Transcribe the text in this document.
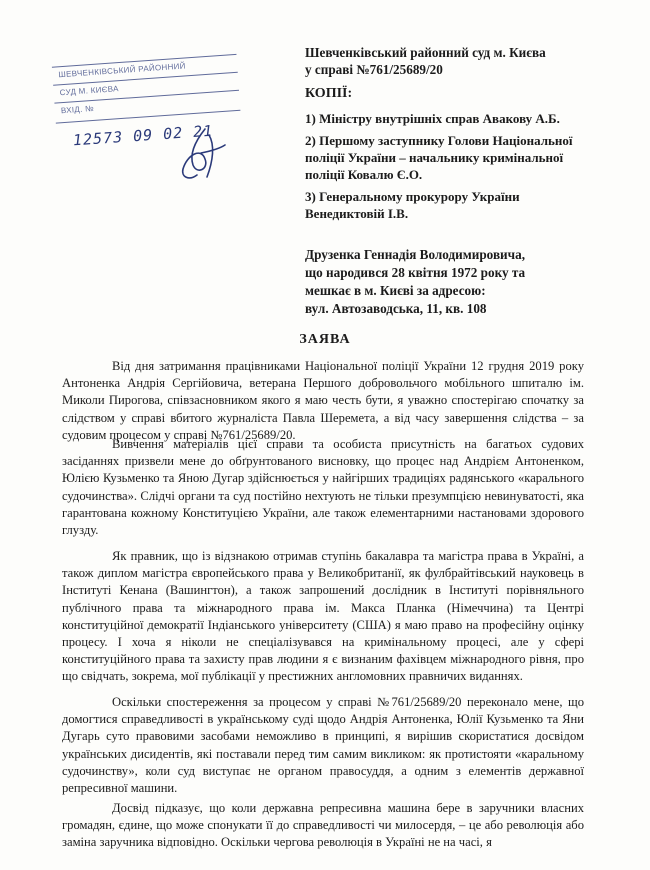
ШЕВЧЕНКІВСЬКИЙ РАЙОННИЙ
СУД М. КИЄВА
ВХІД. №
12573 09 02 21
Шевченківський районний суд м. Києва
у справі №761/25689/20
КОПІЇ:
1) Міністру внутрішніх справ Авакову А.Б.
2) Першому заступнику Голови Національної поліції України – начальнику кримінальної поліції Ковалю Є.О.
3) Генеральному прокурору України Венедиктовій І.В.
Друзенка Геннадія Володимировича,
що народився 28 квітня 1972 року та
мешкає в м. Києві за адресою:
вул. Автозаводська, 11, кв. 108
ЗАЯВА
Від дня затримання працівниками Національної поліції України 12 грудня 2019 року Антоненка Андрія Сергійовича, ветерана Першого добровольчого мобільного шпиталю ім. Миколи Пирогова, співзасновником якого я маю честь бути, я уважно спостерігаю спочатку за слідством у справі вбитого журналіста Павла Шеремета, а від часу завершення слідства – за судовим процесом у справі №761/25689/20.
Вивчення матеріалів цієї справи та особиста присутність на багатьох судових засіданнях призвели мене до обґрунтованого висновку, що процес над Андрієм Антоненком, Юлією Кузьменко та Яною Дугар здійснюється у найгірших традиціях радянського «карального судочинства». Слідчі органи та суд постійно нехтують не тільки презумпцією невинуватості, яка гарантована кожному Конституцією України, але також елементарними настановами здорового глузду.
Як правник, що із відзнакою отримав ступінь бакалавра та магістра права в Україні, а також диплом магістра європейського права у Великобританії, як фулбрайтівський науковець в Інституті Кенана (Вашингтон), а також запрошений дослідник в Інституті порівняльного публічного права та міжнародного права ім. Макса Планка (Німеччина) та Центрі конституційної демократії Індіанського університету (США) я маю право на професійну оцінку процесу. І хоча я ніколи не спеціалізувався на кримінальному процесі, але у сфері конституційного права та захисту прав людини я є визнаним фахівцем міжнародного рівня, про що свідчать, зокрема, мої публікації у престижних англомовних правничих виданнях.
Оскільки спостереження за процесом у справі №761/25689/20 переконало мене, що домогтися справедливості в українському суді щодо Андрія Антоненка, Юлії Кузьменко та Яни Дугарь суто правовими засобами неможливо в принципі, я вирішив скористатися досвідом українських дисидентів, які поставали перед тим самим викликом: як протистояти «каральному судочинству», коли суд виступає не органом правосуддя, а одним з елементів державної репресивної машини.
Досвід підказує, що коли державна репресивна машина бере в заручники власних громадян, єдине, що може спонукати її до справедливості чи милосердя, – це або революція або заміна заручника відповідно. Оскільки чергова революція в Україні не на часі, я
